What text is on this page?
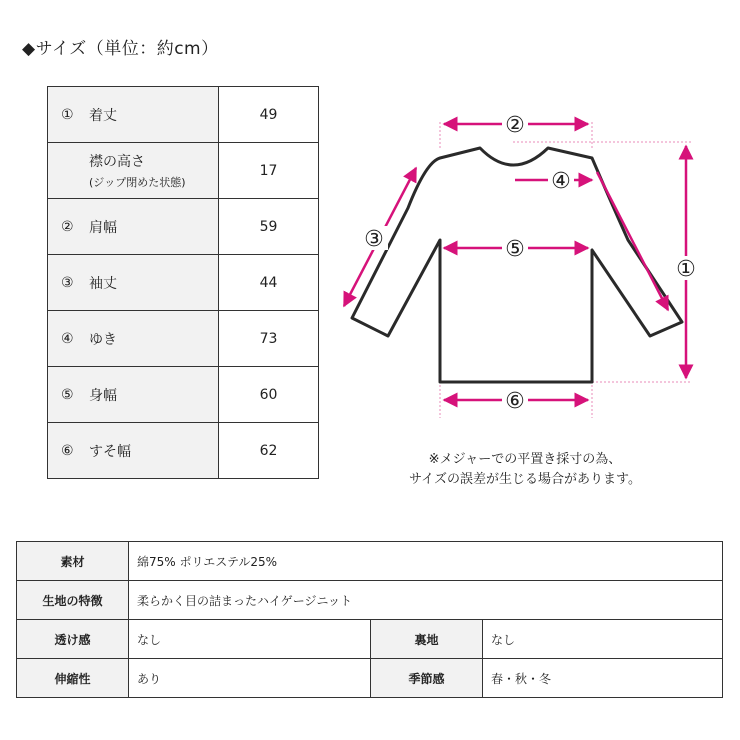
◆サイズ（単位：約cm）
① 着丈	49

襟の高さ
(ジップ閉めた状態)	17

② 肩幅	59

③ 袖丈	44

④ ゆき	73

⑤ 身幅	60

⑥ すそ幅	62
②
④
③	⑤
①
⑥
※メジャーでの平置き採寸の為、
サイズの誤差が生じる場合があります。
素材	綿75% ポリエステル25%		
生地の特徴	柔らかく目の詰まったハイゲージニット		
透け感	なし	裏地	なし
伸縮性	あり	季節感	春・秋・冬
